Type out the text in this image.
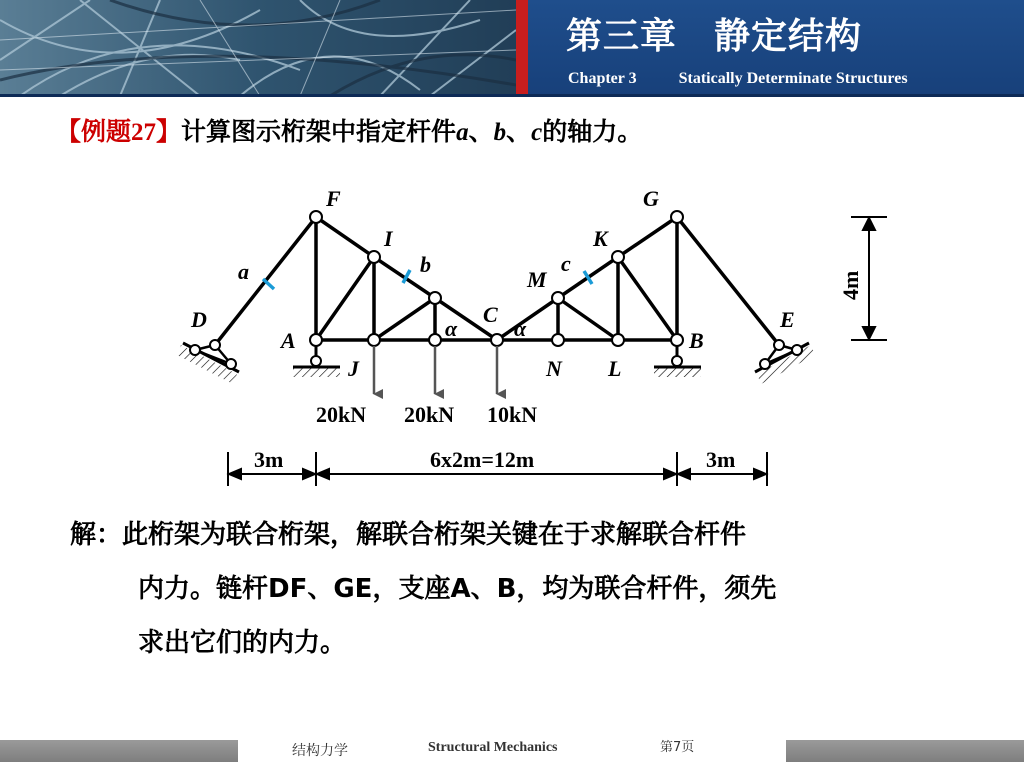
第三章　静定结构
Chapter 3	Statically Determinate Structures
【例题27】计算图示桁架中指定杆件a、b、c的轴力。
F	G
I	K
M
C
D	E
A	B
J	N L
a	b	c
α	α
20kN 20kN 10kN
4m
3m	6x2m=12m	3m
解：此桁架为联合桁架，解联合桁架关键在于求解联合杆件
内力。链杆DF、GE，支座A、B，均为联合杆件，须先
求出它们的内力。
结构力学	Structural Mechanics	第7页
